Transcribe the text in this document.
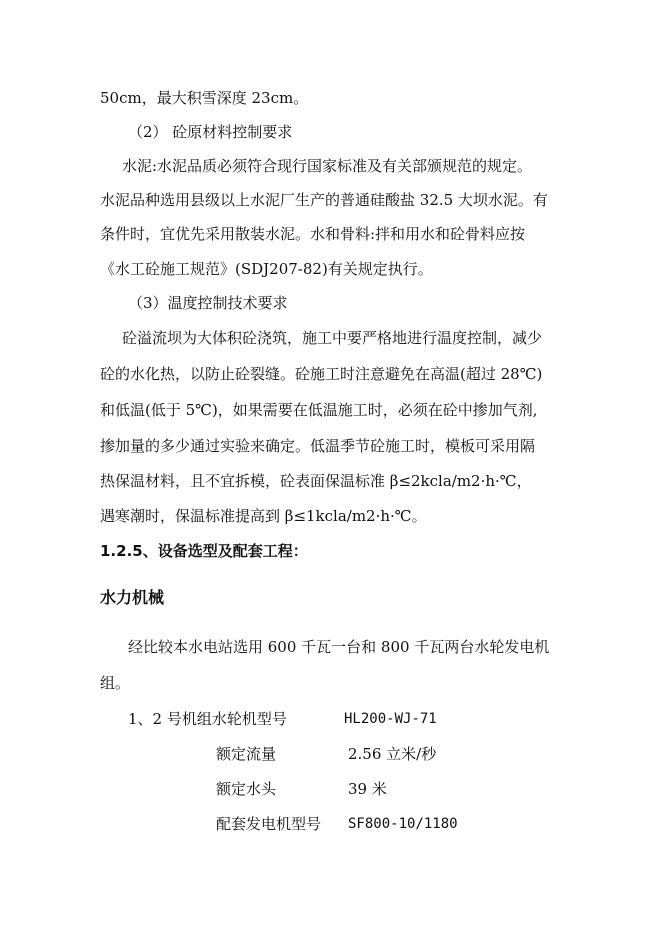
50cm，最大积雪深度 23cm。
（2） 砼原材料控制要求
水泥:水泥品质必须符合现行国家标准及有关部颁规范的规定。
水泥品种选用县级以上水泥厂生产的普通硅酸盐 32.5 大坝水泥。有
条件时，宜优先采用散装水泥。水和骨料:拌和用水和砼骨料应按
《水工砼施工规范》(SDJ207-82)有关规定执行。
（3）温度控制技术要求
砼溢流坝为大体积砼浇筑，施工中要严格地进行温度控制，减少
砼的水化热，以防止砼裂缝。砼施工时注意避免在高温(超过 28℃)
和低温(低于 5℃)，如果需要在低温施工时，必须在砼中掺加气剂,
掺加量的多少通过实验来确定。低温季节砼施工时，模板可采用隔
热保温材料，且不宜拆模，砼表面保温标准 β≤2kcla/m2·h·℃，
遇寒潮时，保温标准提高到 β≤1kcla/m2·h·℃。
1.2.5、设备选型及配套工程：
水力机械
经比较本水电站选用 600 千瓦一台和 800 千瓦两台水轮发电机
组。
1、2 号机组水轮机型号	HL200-WJ-71
额定流量	2.56 立米/秒
额定水头	39 米
配套发电机型号 SF800-10/1180
